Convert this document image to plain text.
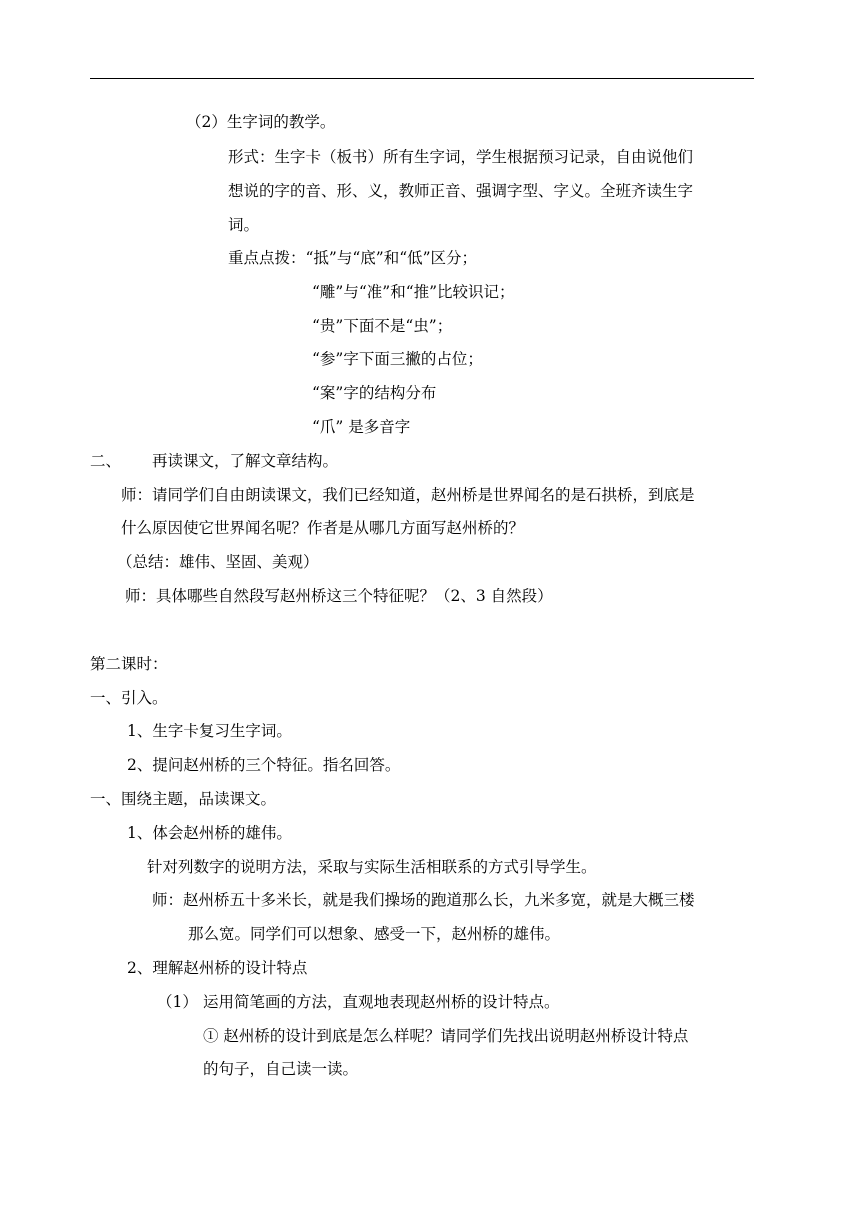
（2）生字词的教学。
形式：生字卡（板书）所有生字词，学生根据预习记录，自由说他们
想说的字的音、形、义，教师正音、强调字型、字义。全班齐读生字
词。
重点点拨：“抵”与“底”和“低”区分；
“雕”与“准”和“推”比较识记；
“贵”下面不是“虫”；
“参”字下面三撇的占位；
“案”字的结构分布
“爪” 是多音字
二、 再读课文，了解文章结构。
师：请同学们自由朗读课文，我们已经知道，赵州桥是世界闻名的是石拱桥，到底是
什么原因使它世界闻名呢？作者是从哪几方面写赵州桥的？
（总结：雄伟、坚固、美观）
师：具体哪些自然段写赵州桥这三个特征呢？（2、3 自然段）
第二课时：
一、引入。
1、生字卡复习生字词。
2、提问赵州桥的三个特征。指名回答。
一、围绕主题，品读课文。
1、体会赵州桥的雄伟。
针对列数字的说明方法，采取与实际生活相联系的方式引导学生。
师：赵州桥五十多米长，就是我们操场的跑道那么长，九米多宽，就是大概三楼
那么宽。同学们可以想象、感受一下，赵州桥的雄伟。
2、理解赵州桥的设计特点
（1） 运用简笔画的方法，直观地表现赵州桥的设计特点。
① 赵州桥的设计到底是怎么样呢？请同学们先找出说明赵州桥设计特点
的句子，自己读一读。
